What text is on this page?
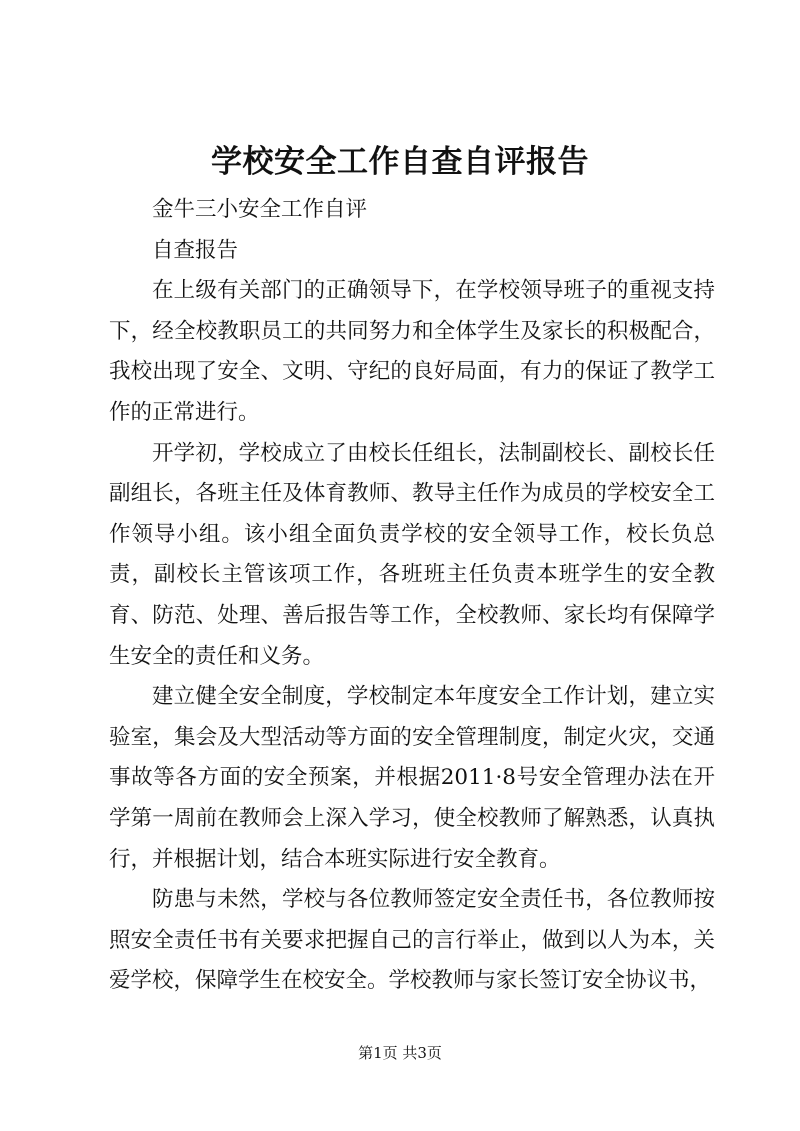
学校安全工作自查自评报告

金牛三小安全工作自评

自查报告

在上级有关部门的正确领导下，在学校领导班子的重视支持下，经全校教职员工的共同努力和全体学生及家长的积极配合，我校出现了安全、文明、守纪的良好局面，有力的保证了教学工作的正常进行。

开学初，学校成立了由校长任组长，法制副校长、副校长任副组长，各班主任及体育教师、教导主任作为成员的学校安全工作领导小组。该小组全面负责学校的安全领导工作，校长负总责，副校长主管该项工作，各班班主任负责本班学生的安全教育、防范、处理、善后报告等工作，全校教师、家长均有保障学生安全的责任和义务。

建立健全安全制度，学校制定本年度安全工作计划，建立实验室，集会及大型活动等方面的安全管理制度，制定火灾，交通事故等各方面的安全预案，并根据2011·8号安全管理办法在开学第一周前在教师会上深入学习，使全校教师了解熟悉，认真执行，并根据计划，结合本班实际进行安全教育。

防患与未然，学校与各位教师签定安全责任书，各位教师按照安全责任书有关要求把握自己的言行举止，做到以人为本，关爱学校，保障学生在校安全。学校教师与家长签订安全协议书，

第1页 共3页
